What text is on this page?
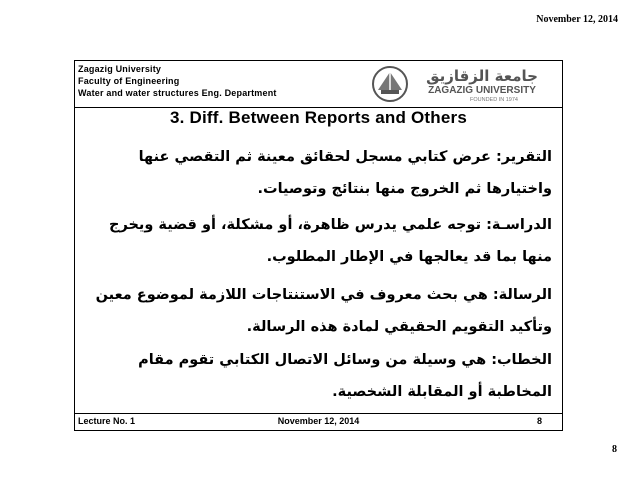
November 12, 2014
Zagazig University
Faculty of Engineering
Water and water structures Eng. Department
جامعة الزقازيق
ZAGAZIG UNIVERSITY
FOUNDED IN 1974
3. Diff. Between Reports and Others
التقرير: عرض كتابي مسجل لحقائق معينة ثم التقصي عنها واختيارها ثم الخروج منها بنتائج وتوصيات.
الدراسـة: توجه علمي يدرس ظاهرة، أو مشكلة، أو قضية ويخرج منها بما قد يعالجها في الإطار المطلوب.
الرسالة: هي بحث معروف في الاستنتاجات اللازمة لموضوع معين وتأكيد التقويم الحقيقي لمادة هذه الرسالة.
الخطاب: هي وسيلة من وسائل الاتصال الكتابي تقوم مقام المخاطبة أو المقابلة الشخصية.
Lecture No. 1	November 12, 2014	8
8
